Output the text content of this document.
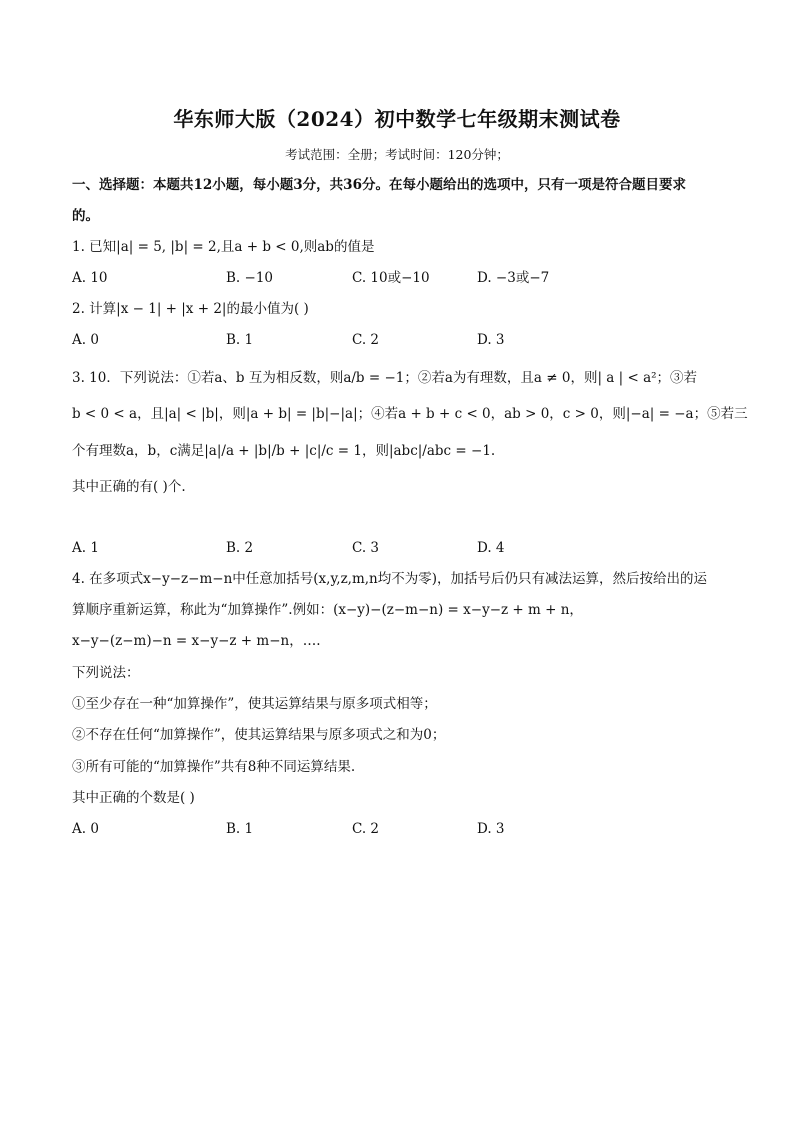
华东师大版（2024）初中数学七年级期末测试卷
考试范围：全册；考试时间：120分钟；
一、选择题：本题共12小题，每小题3分，共36分。在每小题给出的选项中，只有一项是符合题目要求
的。
1. 已知|a| = 5, |b| = 2,且a + b < 0,则ab的值是
A. 10	B. −10	C. 10或−10	D. −3或−7
2. 计算|x − 1| + |x + 2|的最小值为( )
A. 0	B. 1	C. 2	D. 3
3. 10．下列说法：①若a、b 互为相反数，则a/b = −1；②若a为有理数，且a ≠ 0，则| a | < a²；③若
b < 0 < a，且|a| < |b|，则|a + b| = |b|−|a|；④若a + b + c < 0，ab > 0，c > 0，则|−a| = −a；⑤若三
个有理数a，b，c满足|a|/a + |b|/b + |c|/c = 1，则|abc|/abc = −1.
其中正确的有( )个.
A. 1	B. 2	C. 3	D. 4
4. 在多项式x−y−z−m−n中任意加括号(x,y,z,m,n均不为零)，加括号后仍只有减法运算，然后按给出的运
算顺序重新运算，称此为“加算操作”.例如：(x−y)−(z−m−n) = x−y−z + m + n，
x−y−(z−m)−n = x−y−z + m−n，….
下列说法：
①至少存在一种“加算操作”，使其运算结果与原多项式相等；
②不存在任何“加算操作”，使其运算结果与原多项式之和为0；
③所有可能的“加算操作”共有8种不同运算结果.
其中正确的个数是( )
A. 0	B. 1	C. 2	D. 3
